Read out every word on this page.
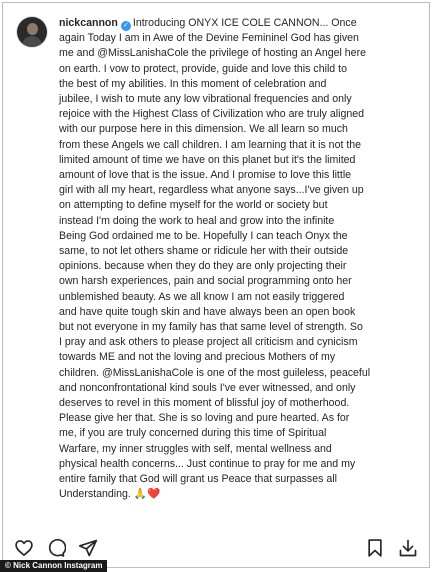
nickcannon ✓ Introducing ONYX ICE COLE CANNON... Once
again Today I am in Awe of the Devine Femininel God has given
me and @MissLanishaCole the privilege of hosting an Angel here
on earth. I vow to protect, provide, guide and love this child to
the best of my abilities. In this moment of celebration and
jubilee, I wish to mute any low vibrational frequencies and only
rejoice with the Highest Class of Civilization who are truly aligned
with our purpose here in this dimension. We all learn so much
from these Angels we call children. I am learning that it is not the
limited amount of time we have on this planet but it's the limited
amount of love that is the issue. And I promise to love this little
girl with all my heart, regardless what anyone says...I've given up
on attempting to define myself for the world or society but
instead I'm doing the work to heal and grow into the infinite
Being God ordained me to be. Hopefully I can teach Onyx the
same, to not let others shame or ridicule her with their outside
opinions. because when they do they are only projecting their
own harsh experiences, pain and social programming onto her
unblemished beauty. As we all know I am not easily triggered
and have quite tough skin and have always been an open book
but not everyone in my family has that same level of strength. So
I pray and ask others to please project all criticism and cynicism
towards ME and not the loving and precious Mothers of my
children. @MissLanishaCole is one of the most guileless, peaceful
and nonconfrontational kind souls I've ever witnessed, and only
deserves to revel in this moment of blissful joy of motherhood.
Please give her that. She is so loving and pure hearted. As for
me, if you are truly concerned during this time of Spiritual
Warfare, my inner struggles with self, mental wellness and
physical health concerns... Just continue to pray for me and my
entire family that God will grant us Peace that surpasses all
Understanding. 🙏❤️
© Nick Cannon Instagram
